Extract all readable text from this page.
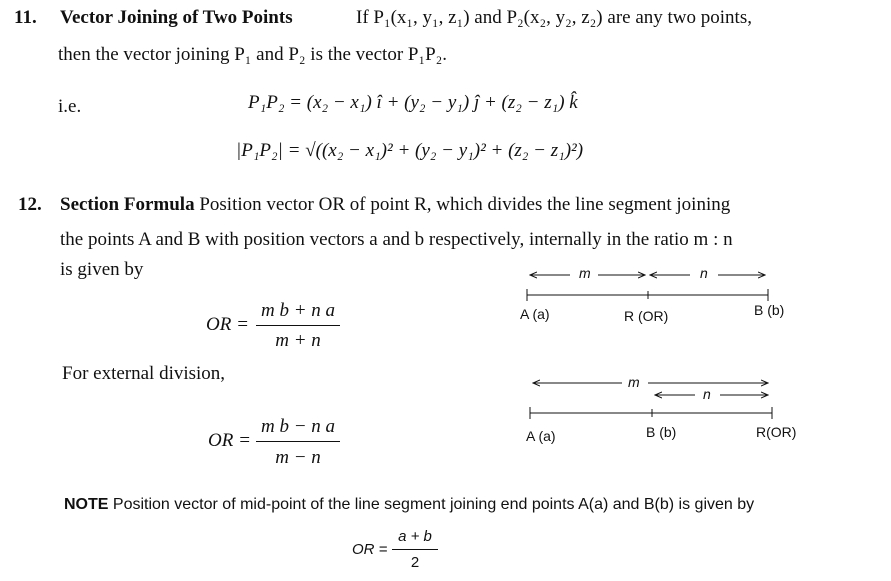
11. Vector Joining of Two Points	If P₁(x₁, y₁, z₁) and P₂(x₂, y₂, z₂) are any two points,
then the vector joining P₁ and P₂ is the vector P₁P₂.
i.e.	P₁P₂ = (x₂ − x₁) î + (y₂ − y₁) ĵ + (z₂ − z₁) k̂
|P₁P₂| = √((x₂ − x₁)² + (y₂ − y₁)² + (z₂ − z₁)²)
12. Section Formula Position vector OR of point R, which divides the line segment joining
the points A and B with position vectors a and b respectively, internally in the ratio m : n
is given by
OR =
m b + n a
m + n
For external division,
OR =
m b − n a
m − n
m	n
A (a)	R (OR)	B (b)
m
n
A (a)	B (b)	R(OR)
NOTE Position vector of mid-point of the line segment joining end points A(a) and B(b) is given by
OR =
a + b
2
